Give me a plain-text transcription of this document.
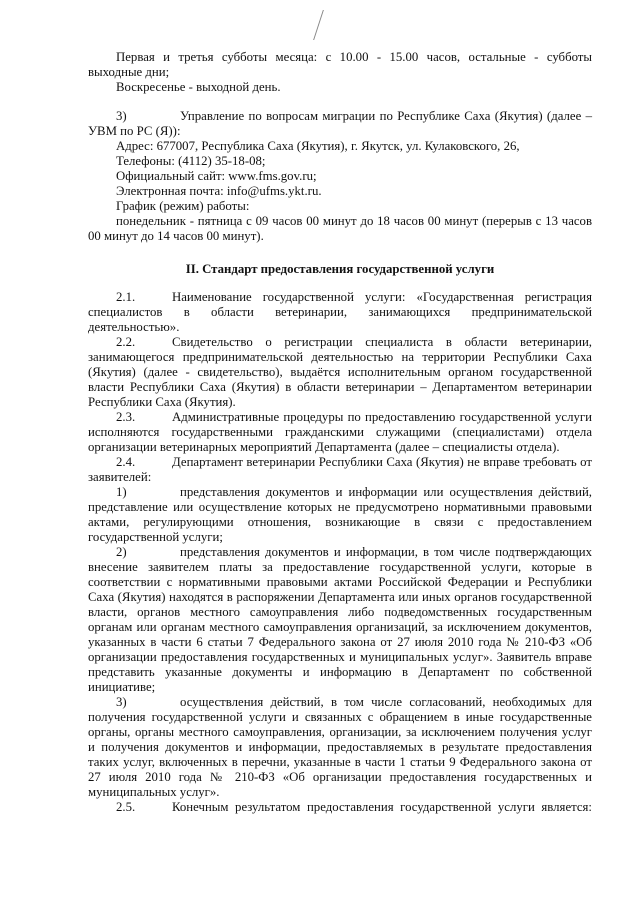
Первая и третья субботы месяца: с 10.00 - 15.00 часов, остальные - субботы
выходные дни;
Воскресенье - выходной день.
3)	Управление по вопросам миграции по Республике Саха (Якутия) (далее –
УВМ по РС (Я)):
Адрес: 677007, Республика Саха (Якутия), г. Якутск, ул. Кулаковского, 26,
Телефоны: (4112) 35-18-08;
Официальный сайт: www.fms.gov.ru;
Электронная почта: info@ufms.ykt.ru.
График (режим) работы:
понедельник - пятница с 09 часов 00 минут до 18 часов 00 минут (перерыв с 13 часов
00 минут до 14 часов 00 минут).
II. Стандарт предоставления государственной услуги
2.1.	Наименование государственной услуги: «Государственная регистрация
специалистов в области ветеринарии, занимающихся предпринимательской
деятельностью».
2.2.	Свидетельство о регистрации специалиста в области ветеринарии,
занимающегося предпринимательской деятельностью на территории Республики Саха
(Якутия) (далее - свидетельство), выдаётся исполнительным органом государственной
власти Республики Саха (Якутия) в области ветеринарии – Департаментом ветеринарии
Республики Саха (Якутия).
2.3.	Административные процедуры по предоставлению государственной услуги
исполняются государственными гражданскими служащими (специалистами) отдела
организации ветеринарных мероприятий Департамента (далее – специалисты отдела).
2.4.	Департамент ветеринарии Республики Саха (Якутия) не вправе требовать от
заявителей:
1)	представления документов и информации или осуществления действий,
представление или осуществление которых не предусмотрено нормативными правовыми
актами, регулирующими отношения, возникающие в связи с предоставлением
государственной услуги;
2)	представления документов и информации, в том числе подтверждающих
внесение заявителем платы за предоставление государственной услуги, которые в
соответствии с нормативными правовыми актами Российской Федерации и Республики
Саха (Якутия) находятся в распоряжении Департамента или иных органов государственной
власти, органов местного самоуправления либо подведомственных государственным
органам или органам местного самоуправления организаций, за исключением документов,
указанных в части 6 статьи 7 Федерального закона от 27 июля 2010 года № 210-ФЗ «Об
организации предоставления государственных и муниципальных услуг». Заявитель вправе
представить указанные документы и информацию в Департамент по собственной
инициативе;
3)	осуществления действий, в том числе согласований, необходимых для
получения государственной услуги и связанных с обращением в иные государственные
органы, органы местного самоуправления, организации, за исключением получения услуг
и получения документов и информации, предоставляемых в результате предоставления
таких услуг, включенных в перечни, указанные в части 1 статьи 9 Федерального закона от
27 июля 2010 года № 210-ФЗ «Об организации предоставления государственных и
муниципальных услуг».
2.5.	Конечным результатом предоставления государственной услуги является:
